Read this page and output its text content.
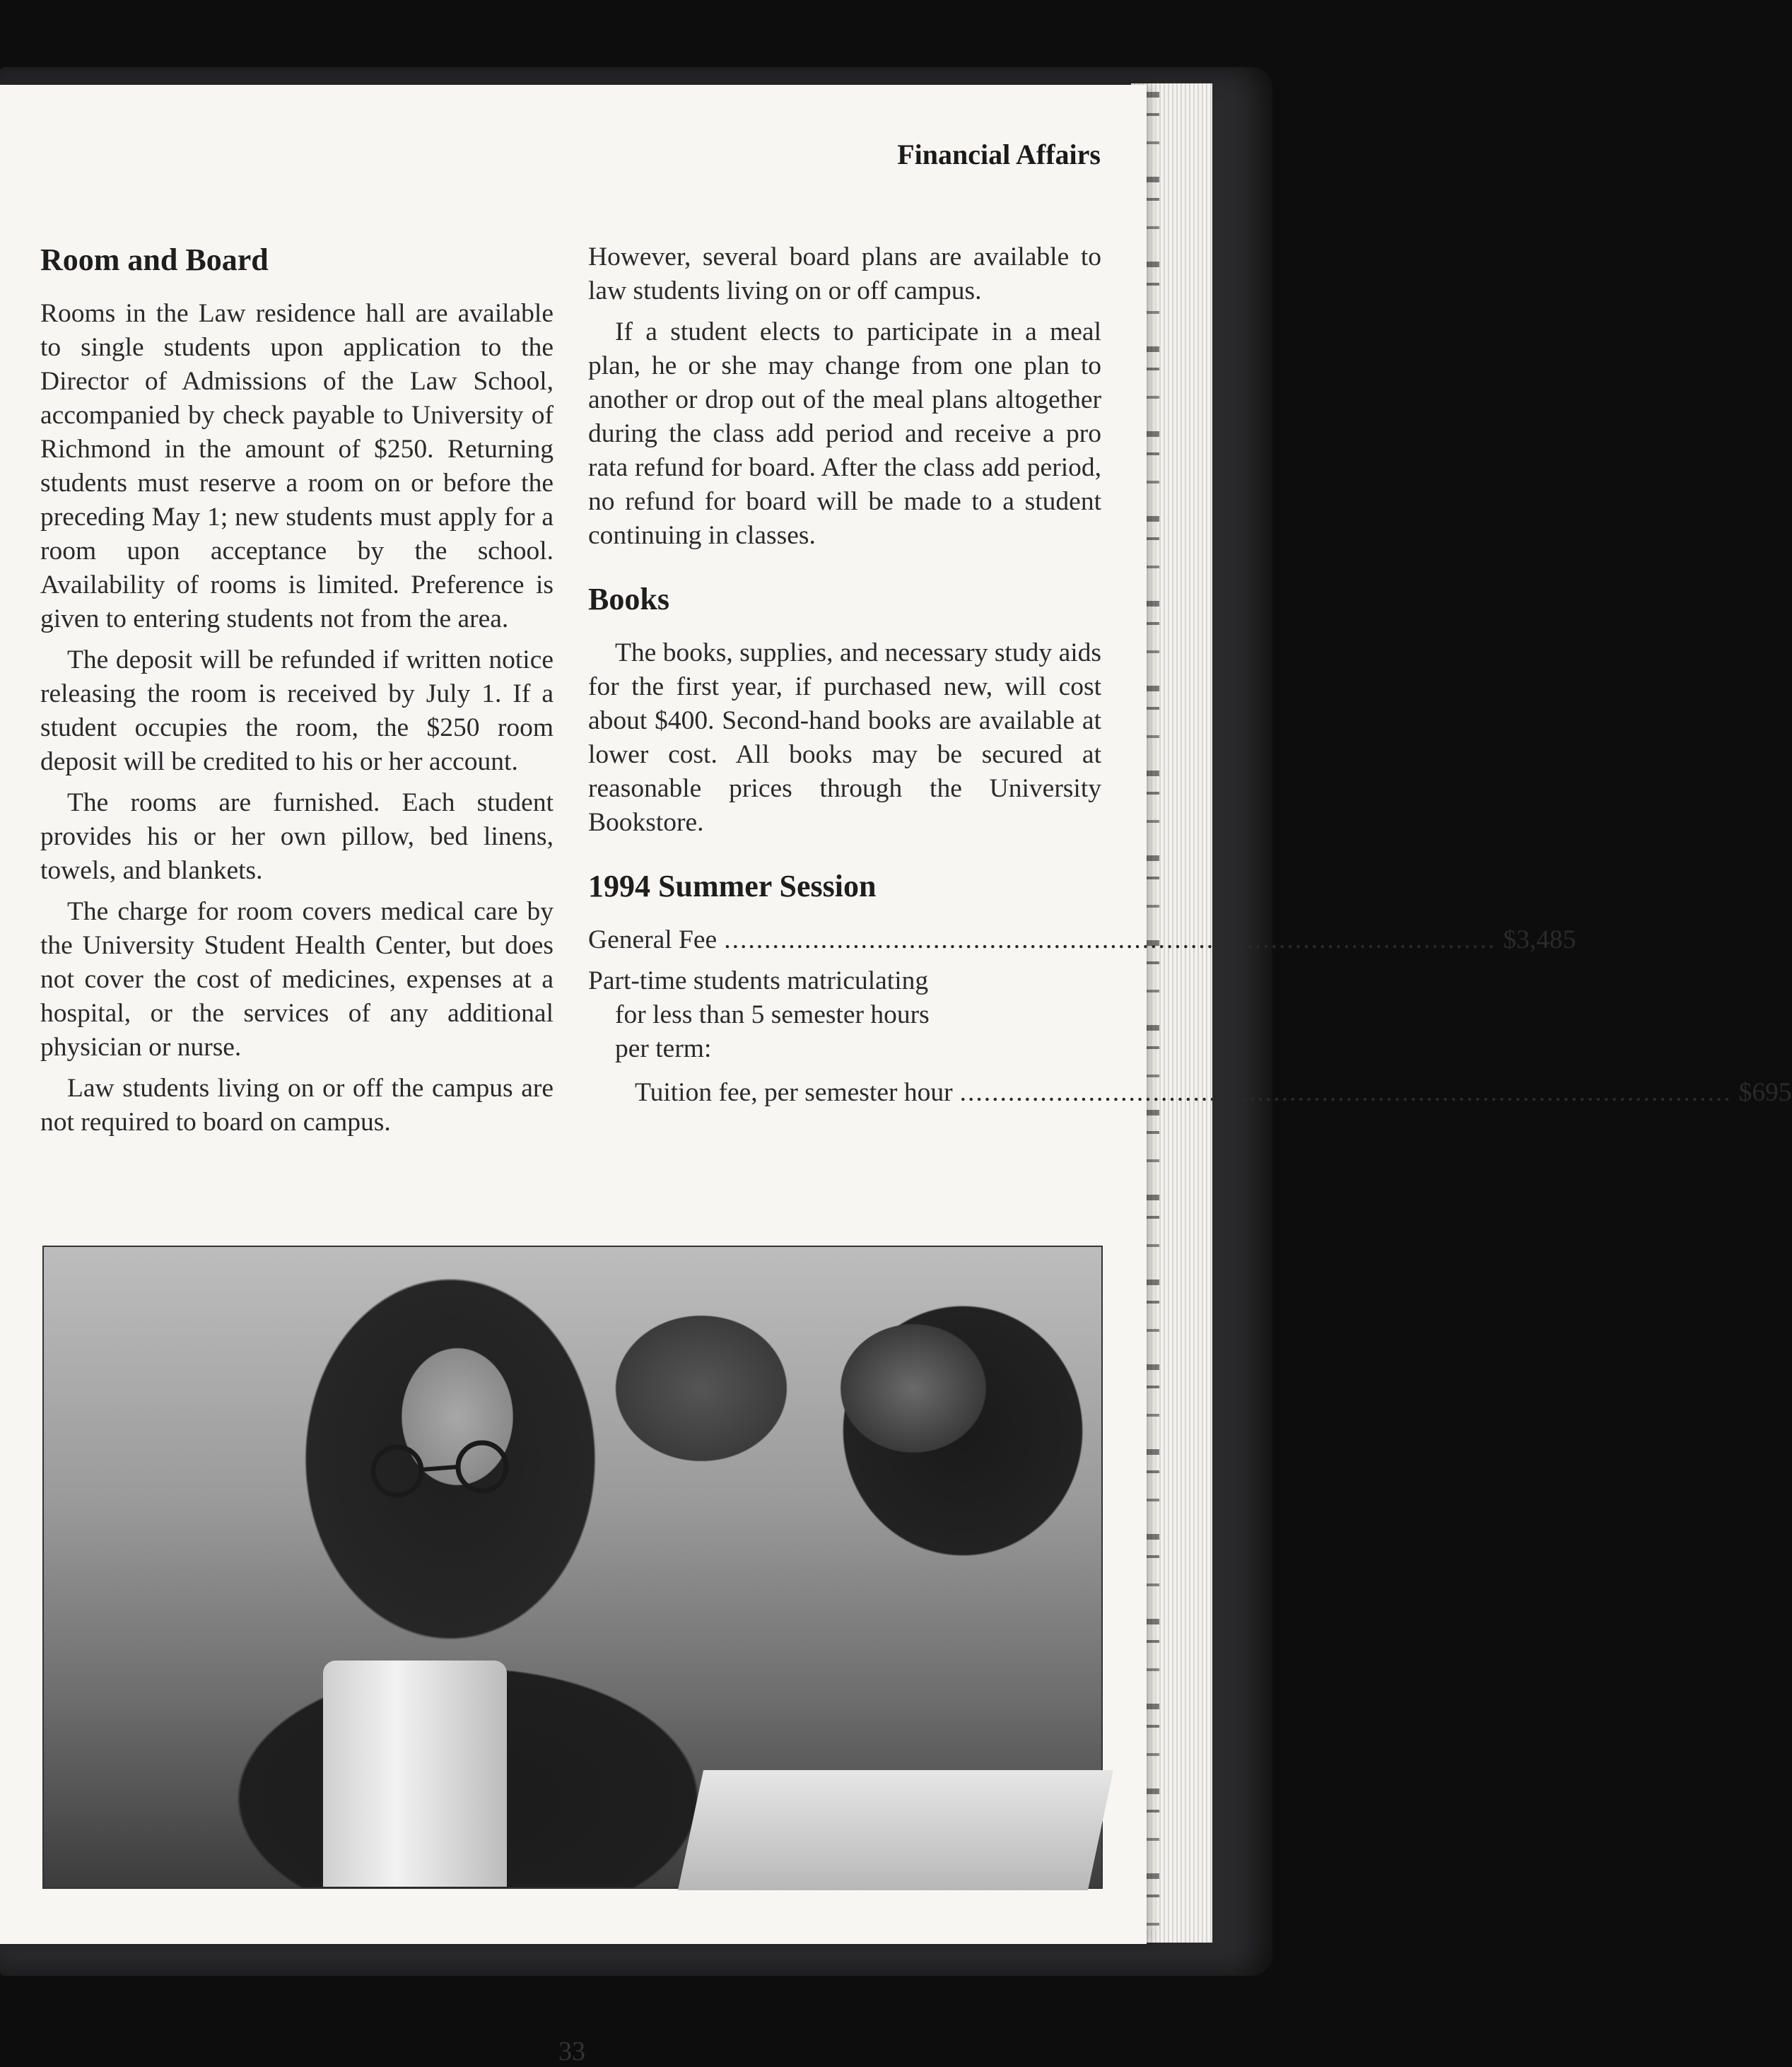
Financial Affairs

Room and Board

Rooms in the Law residence hall are available to single students upon application to the Director of Admissions of the Law School, accompanied by check payable to University of Richmond in the amount of $250. Returning students must reserve a room on or before the preceding May 1; new students must apply for a room upon acceptance by the school. Availability of rooms is limited. Preference is given to entering students not from the area.

The deposit will be refunded if written notice releasing the room is received by July 1. If a student occupies the room, the $250 room deposit will be credited to his or her account.

The rooms are furnished. Each student provides his or her own pillow, bed linens, towels, and blankets.

The charge for room covers medical care by the University Student Health Center, but does not cover the cost of medicines, expenses at a hospital, or the services of any additional physician or nurse.

Law students living on or off the campus are not required to board on campus.

However, several board plans are available to law students living on or off campus.

If a student elects to participate in a meal plan, he or she may change from one plan to another or drop out of the meal plans altogether during the class add period and receive a pro rata refund for board. After the class add period, no refund for board will be made to a student continuing in classes.

Books

The books, supplies, and necessary study aids for the first year, if purchased new, will cost about $400. Second-hand books are available at lower cost. All books may be secured at reasonable prices through the University Bookstore.

1994 Summer Session
General Fee .....	$3,485
Part-time students matriculating
for less than 5 semester hours
per term:
Tuition fee, per semester hour .....	$695

33
